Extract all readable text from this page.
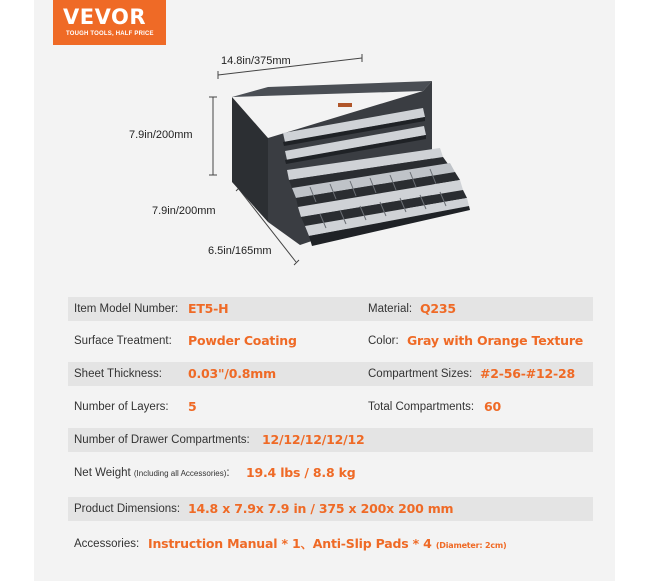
VEVOR
TOUGH TOOLS, HALF PRICE
14.8in/375mm
7.9in/200mm
7.9in/200mm
6.5in/165mm
Item Model Number: ET5-H	Material: Q235
Surface Treatment: Powder Coating	Color: Gray with Orange Texture
Sheet Thickness: 0.03"/0.8mm	Compartment Sizes: #2-56-#12-28
Number of Layers: 5	Total Compartments: 60
Number of Drawer Compartments: 12/12/12/12/12
Net Weight (Including all Accessories): 19.4 lbs / 8.8 kg
Product Dimensions: 14.8 x 7.9x 7.9 in / 375 x 200x 200 mm
Accessories: Instruction Manual * 1、Anti-Slip Pads * 4 (Diameter: 2cm)
